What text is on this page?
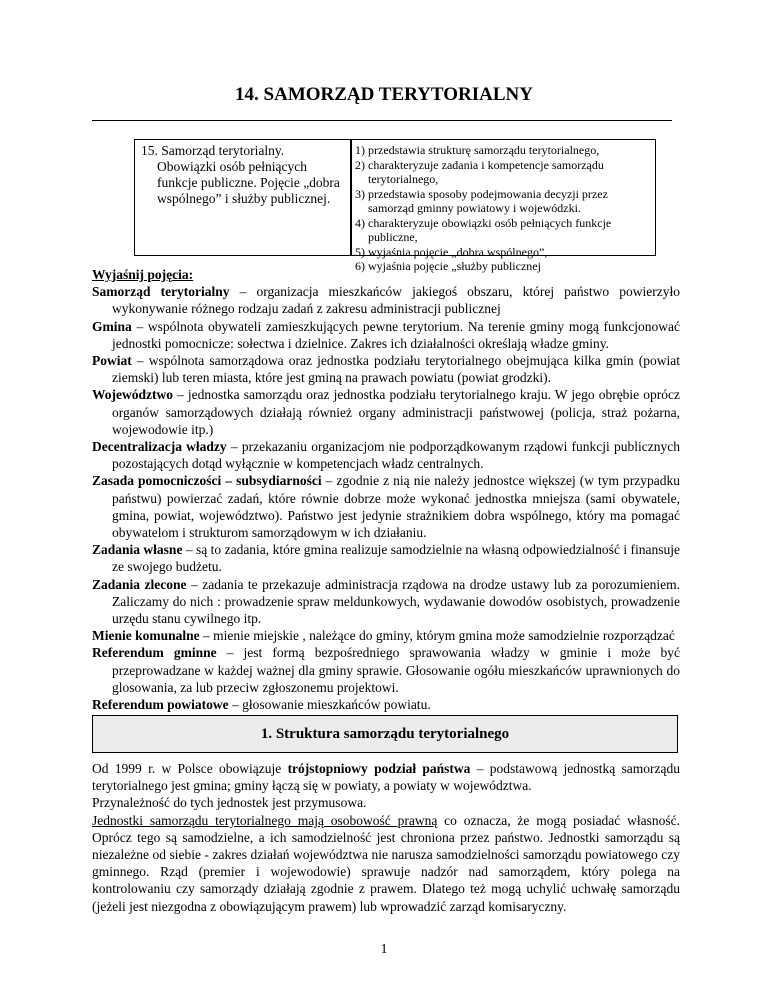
14. SAMORZĄD TERYTORIALNY

15. Samorząd terytorialny. Obowiązki osób pełniących funkcje publiczne. Pojęcie „dobra wspólnego” i służby publicznej.

1) przedstawia strukturę samorządu terytorialnego,
2) charakteryzuje zadania i kompetencje samorządu terytorialnego,
3) przedstawia sposoby podejmowania decyzji przez samorząd gminny powiatowy i wojewódzki.
4) charakteryzuje obowiązki osób pełniących funkcje publiczne,
5) wyjaśnia pojęcie „dobra wspólnego”,
6) wyjaśnia pojęcie „służby publicznej

Wyjaśnij pojęcia:

Samorząd terytorialny – organizacja mieszkańców jakiegoś obszaru, której państwo powierzyło wykonywanie różnego rodzaju zadań z zakresu administracji publicznej

Gmina – wspólnota obywateli zamieszkujących pewne terytorium. Na terenie gminy mogą funkcjonować jednostki pomocnicze: sołectwa i dzielnice. Zakres ich działalności określają władze gminy.

Powiat – wspólnota samorządowa oraz jednostka podziału terytorialnego obejmująca kilka gmin (powiat ziemski) lub teren miasta, które jest gminą na prawach powiatu (powiat grodzki).

Województwo – jednostka samorządu oraz jednostka podziału terytorialnego kraju. W jego obrębie oprócz organów samorządowych działają również organy administracji państwowej (policja, straż pożarna, wojewodowie itp.)

Decentralizacja władzy – przekazaniu organizacjom nie podporządkowanym rządowi funkcji publicznych pozostających dotąd wyłącznie w kompetencjach władz centralnych.

Zasada pomocniczości – subsydiarności – zgodnie z nią nie należy jednostce większej (w tym przypadku państwu) powierzać zadań, które równie dobrze może wykonać jednostka mniejsza (sami obywatele, gmina, powiat, województwo). Państwo jest jedynie strażnikiem dobra wspólnego, który ma pomagać obywatelom i strukturom samorządowym w ich działaniu.

Zadania własne – są to zadania, które gmina realizuje samodzielnie na własną odpowiedzialność i finansuje ze swojego budżetu.

Zadania zlecone – zadania te przekazuje administracja rządowa na drodze ustawy lub za porozumieniem. Zaliczamy do nich : prowadzenie spraw meldunkowych, wydawanie dowodów osobistych, prowadzenie urzędu stanu cywilnego itp.

Mienie komunalne – mienie miejskie , należące do gminy, którym gmina może samodzielnie rozporządzać

Referendum gminne – jest formą bezpośredniego sprawowania władzy w gminie i może być przeprowadzane w każdej ważnej dla gminy sprawie. Głosowanie ogółu mieszkańców uprawnionych do glosowania, za lub przeciw zgłoszonemu projektowi.

Referendum powiatowe – głosowanie mieszkańców powiatu.

1. Struktura samorządu terytorialnego

Od 1999 r. w Polsce obowiązuje trójstopniowy podział państwa – podstawową jednostką samorządu terytorialnego jest gmina; gminy łączą się w powiaty, a powiaty w województwa.

Przynależność do tych jednostek jest przymusowa.

Jednostki samorządu terytorialnego mają osobowość prawną co oznacza, że mogą posiadać własność. Oprócz tego są samodzielne, a ich samodzielność jest chroniona przez państwo. Jednostki samorządu są niezależne od siebie - zakres działań województwa nie narusza samodzielności samorządu powiatowego czy gminnego. Rząd (premier i wojewodowie) sprawuje nadzór nad samorządem, który polega na kontrolowaniu czy samorządy działają zgodnie z prawem. Dlatego też mogą uchylić uchwałę samorządu (jeżeli jest niezgodna z obowiązującym prawem) lub wprowadzić zarząd komisaryczny.

1
